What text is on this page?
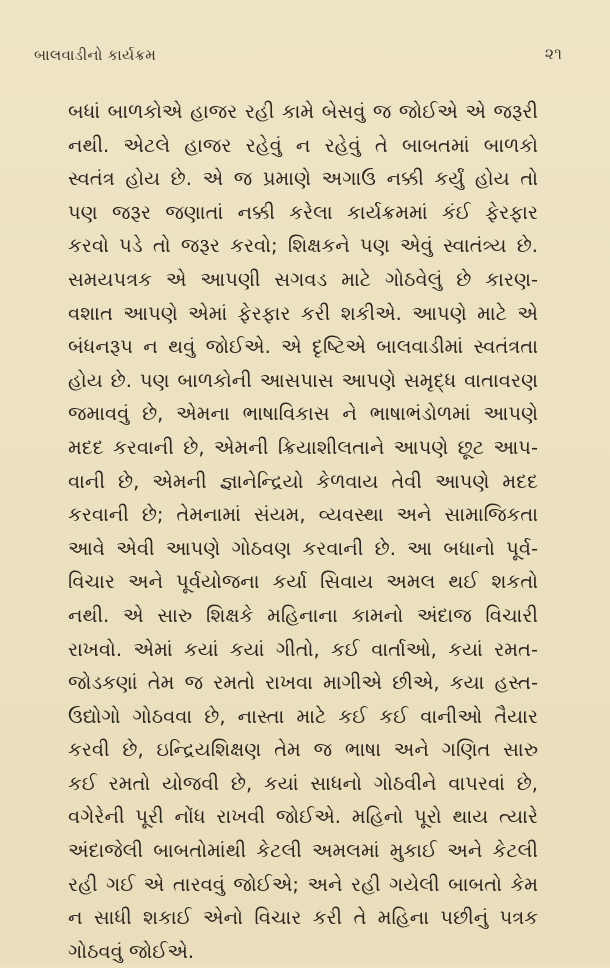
બાલવાડીનો કાર્યક્રમ	૨૧
બધાં બાળકોએ હાજર રહી કામે બેસવું જ જોઈએ એ જરૂરી
નથી. એટલે હાજર રહેવું ન રહેવું તે બાબતમાં બાળકો
સ્વતંત્ર હોય છે. એ જ પ્રમાણે અગાઉ નક્કી કર્યું હોય તો
પણ જરૂર જણાતાં નક્કી કરેલા કાર્યક્રમમાં કંઈ ફેરફાર
કરવો પડે તો જરૂર કરવો; શિક્ષકને પણ એવું સ્વાતંત્ર્ય છે.
સમયપત્રક એ આપણી સગવડ માટે ગોઠવેલું છે કારણ-
વશાત આપણે એમાં ફેરફાર કરી શકીએ. આપણે માટે એ
બંધનરૂપ ન થવું જોઈએ. એ દૃષ્ટિએ બાલવાડીમાં સ્વતંત્રતા
હોય છે. પણ બાળકોની આસપાસ આપણે સમૃદ્ધ વાતાવરણ
જમાવવું છે, એમના ભાષાવિકાસ ને ભાષાભંડોળમાં આપણે
મદદ કરવાની છે, એમની ક્રિયાશીલતાને આપણે છૂટ આપ-
વાની છે, એમની જ્ઞાનેન્દ્રિયો કેળવાય તેવી આપણે મદદ
કરવાની છે; તેમનામાં સંયમ, વ્યવસ્થા અને સામાજિકતા
આવે એવી આપણે ગોઠવણ કરવાની છે. આ બધાનો પૂર્વ-
વિચાર અને પૂર્વયોજના કર્યા સિવાય અમલ થઈ શકતો
નથી. એ સારુ શિક્ષકે મહિનાના કામનો અંદાજ વિચારી
રાખવો. એમાં કયાં કયાં ગીતો, કઈ વાર્તાઓ, કયાં રમત-
જોડકણાં તેમ જ રમતો રાખવા માગીએ છીએ, કયા હસ્ત-
ઉદ્યોગો ગોઠવવા છે, નાસ્તા માટે કઈ કઈ વાનીઓ તૈયાર
કરવી છે, ઇન્દ્રિયશિક્ષણ તેમ જ ભાષા અને ગણિત સારુ
કઈ રમતો યોજવી છે, કયાં સાધનો ગોઠવીને વાપરવાં છે,
વગેરેની પૂરી નોંધ રાખવી જોઈએ. મહિનો પૂરો થાય ત્યારે
અંદાજેલી બાબતોમાંથી કેટલી અમલમાં મુકાઈ અને કેટલી
રહી ગઈ એ તારવવું જોઈએ; અને રહી ગયેલી બાબતો કેમ
ન સાધી શકાઈ એનો વિચાર કરી તે મહિના પછીનું પત્રક
ગોઠવવું જોઈએ.
